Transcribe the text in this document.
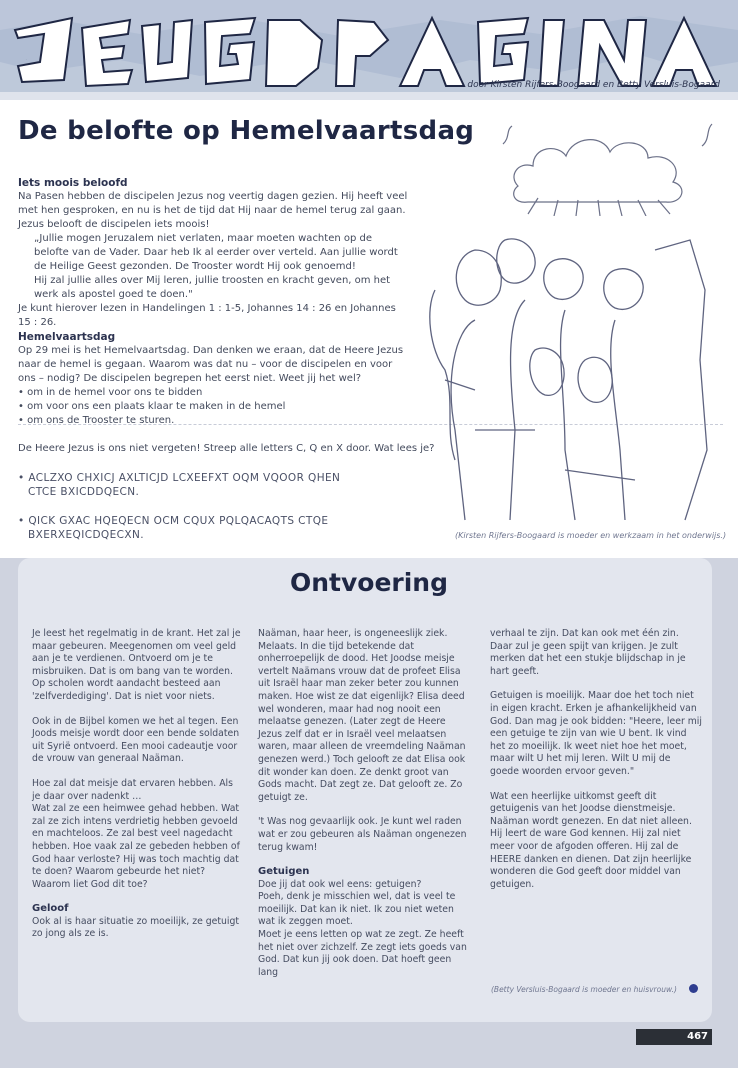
J
door Kirsten Rijfers-Boogaard en Betty Versluis-Bogaard
De belofte op Hemelvaartsdag
Iets moois beloofd

Na Pasen hebben de discipelen Jezus nog veertig dagen gezien. Hij heeft veel met hen gesproken, en nu is het de tijd dat Hij naar de hemel terug zal gaan. Jezus belooft de discipelen iets moois!

„Jullie mogen Jeruzalem niet verlaten, maar moeten wachten op de belofte van de Vader. Daar heb Ik al eerder over verteld. Aan jullie wordt de Heilige Geest gezonden. De Trooster wordt Hij ook genoemd!

Hij zal jullie alles over Mij leren, jullie troosten en kracht geven, om het werk als apostel goed te doen."

Je kunt hierover lezen in Handelingen 1 : 1-5, Johannes 14 : 26 en Johannes 15 : 26.

Hemelvaartsdag

Op 29 mei is het Hemelvaartsdag. Dan denken we eraan, dat de Heere Jezus naar de hemel is gegaan. Waarom was dat nu – voor de discipelen en voor ons – nodig? De discipelen begrepen het eerst niet. Weet jij het wel?

• om in de hemel voor ons te bidden

• om voor ons een plaats klaar te maken in de hemel

• om ons de Trooster te sturen.

De Heere Jezus is ons niet vergeten! Streep alle letters C, Q en X door. Wat lees je?
• ACLZXO CHXICJ AXLTICJD LCXEEFXT OQM VQOOR QHEN
CTCE BXICDDQECN.
• QICK GXAC HQEQECN OCM CQUX PQLQACAQTS CTQE
BXERXEQICDQECXN.	(Kirsten Rijfers-Boogaard is moeder en werkzaam in het onderwijs.)
Ontvoering

Je leest het regelmatig in de krant. Het zal je maar gebeuren. Meegenomen om veel geld aan je te verdienen. Ontvoerd om je te misbruiken. Dat is om bang van te worden. Op scholen wordt aandacht besteed aan 'zelfverdediging'. Dat is niet voor niets.

Ook in de Bijbel komen we het al tegen. Een Joods meisje wordt door een bende soldaten uit Syrië ontvoerd. Een mooi cadeautje voor de vrouw van generaal Naäman.

Hoe zal dat meisje dat ervaren hebben. Als je daar over nadenkt …

Wat zal ze een heimwee gehad hebben. Wat zal ze zich intens verdrietig hebben gevoeld en machteloos. Ze zal best veel nagedacht hebben. Hoe vaak zal ze gebeden hebben of God haar verloste? Hij was toch machtig dat te doen? Waarom gebeurde het niet? Waarom liet God dit toe?

Geloof

Ook al is haar situatie zo moeilijk, ze getuigt zo jong als ze is.

Naäman, haar heer, is ongeneeslijk ziek. Melaats. In die tijd betekende dat onherroepelijk de dood. Het Joodse meisje vertelt Naämans vrouw dat de profeet Elisa uit Israël haar man zeker beter zou kunnen maken. Hoe wist ze dat eigenlijk? Elisa deed wel wonderen, maar had nog nooit een melaatse genezen. (Later zegt de Heere Jezus zelf dat er in Israël veel melaatsen waren, maar alleen de vreemdeling Naäman genezen werd.) Toch gelooft ze dat Elisa ook dit wonder kan doen. Ze denkt groot van Gods macht. Dat zegt ze. Dat gelooft ze. Zo getuigt ze.

't Was nog gevaarlijk ook. Je kunt wel raden wat er zou gebeuren als Naäman ongenezen terug kwam!

Getuigen

Doe jij dat ook wel eens: getuigen?

Poeh, denk je misschien wel, dat is veel te moeilijk. Dat kan ik niet. Ik zou niet weten wat ik zeggen moet.

Moet je eens letten op wat ze zegt. Ze heeft het niet over zichzelf. Ze zegt iets goeds van God. Dat kun jij ook doen. Dat hoeft geen lang

verhaal te zijn. Dat kan ook met één zin. Daar zul je geen spijt van krijgen. Je zult merken dat het een stukje blijdschap in je hart geeft.

Getuigen is moeilijk. Maar doe het toch niet in eigen kracht. Erken je afhankelijkheid van God. Dan mag je ook bidden: "Heere, leer mij een getuige te zijn van wie U bent. Ik vind het zo moeilijk. Ik weet niet hoe het moet, maar wilt U het mij leren. Wilt U mij de goede woorden ervoor geven."

Wat een heerlijke uitkomst geeft dit getuigenis van het Joodse dienstmeisje. Naäman wordt genezen. En dat niet alleen. Hij leert de ware God kennen. Hij zal niet meer voor de afgoden offeren. Hij zal de HEERE danken en dienen. Dat zijn heerlijke wonderen die God geeft door middel van getuigen.

(Betty Versluis-Bogaard is moeder en huisvrouw.)
467
